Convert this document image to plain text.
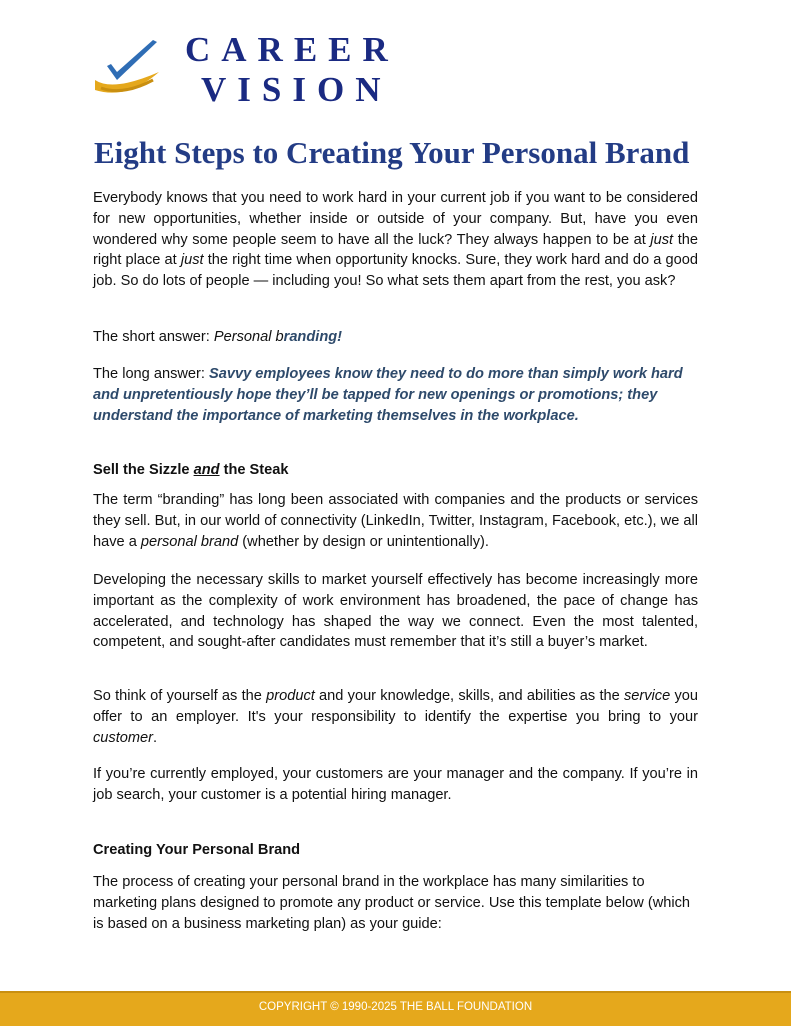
CAREER
VISION
Eight Steps to Creating Your Personal Brand

Everybody knows that you need to work hard in your current job if you want to be considered for new opportunities, whether inside or outside of your company. But, have you even wondered why some people seem to have all the luck? They always happen to be at just the right place at just the right time when opportunity knocks. Sure, they work hard and do a good job. So do lots of people — including you! So what sets them apart from the rest, you ask?

The short answer: Personal branding!

The long answer: Savvy employees know they need to do more than simply work hard and unpretentiously hope they’ll be tapped for new openings or promotions; they understand the importance of marketing themselves in the workplace.

Sell the Sizzle and the Steak

The term “branding” has long been associated with companies and the products or services they sell. But, in our world of connectivity (LinkedIn, Twitter, Instagram, Facebook, etc.), we all have a personal brand (whether by design or unintentionally).

Developing the necessary skills to market yourself effectively has become increasingly more important as the complexity of work environment has broadened, the pace of change has accelerated, and technology has shaped the way we connect. Even the most talented, competent, and sought-after candidates must remember that it’s still a buyer’s market.

So think of yourself as the product and your knowledge, skills, and abilities as the service you offer to an employer. It's your responsibility to identify the expertise you bring to your customer.

If you’re currently employed, your customers are your manager and the company. If you’re in job search, your customer is a potential hiring manager.

Creating Your Personal Brand

The process of creating your personal brand in the workplace has many similarities to marketing plans designed to promote any product or service. Use this template below (which is based on a business marketing plan) as your guide:

COPYRIGHT © 1990-2025 THE BALL FOUNDATION
